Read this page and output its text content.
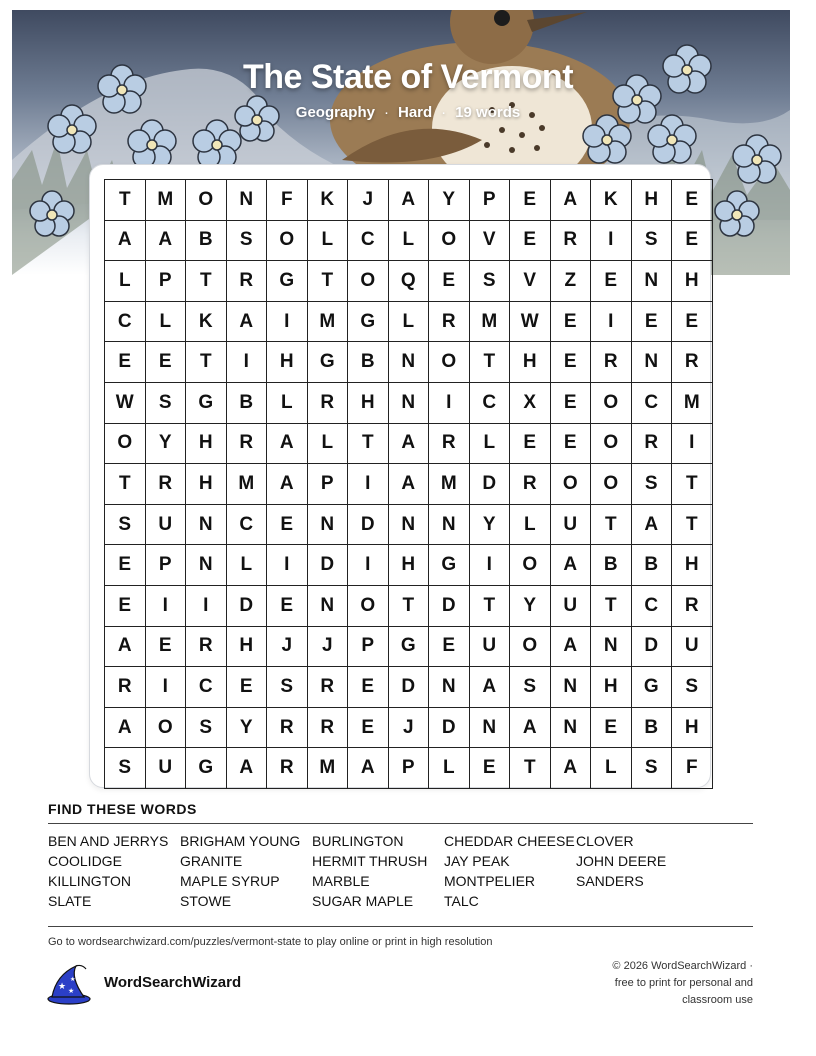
The State of Vermont
Geography · Hard · 19 words
T	M	O	N	F	K	J	A	Y	P	E	A	K	H	E
A	A	B	S	O	L	C	L	O	V	E	R	I	S	E
L	P	T	R	G	T	O	Q	E	S	V	Z	E	N	H
C	L	K	A	I	M	G	L	R	M	W	E	I	E	E
E	E	T	I	H	G	B	N	O	T	H	E	R	N	R
W	S	G	B	L	R	H	N	I	C	X	E	O	C	M
O	Y	H	R	A	L	T	A	R	L	E	E	O	R	I
T	R	H	M	A	P	I	A	M	D	R	O	O	S	T
S	U	N	C	E	N	D	N	N	Y	L	U	T	A	T
E	P	N	L	I	D	I	H	G	I	O	A	B	B	H
E	I	I	D	E	N	O	T	D	T	Y	U	T	C	R
A	E	R	H	J	J	P	G	E	U	O	A	N	D	U
R	I	C	E	S	R	E	D	N	A	S	N	H	G	S
A	O	S	Y	R	R	E	J	D	N	A	N	E	B	H
S	U	G	A	R	M	A	P	L	E	T	A	L	S	F
FIND THESE WORDS
BEN AND JERRYS
COOLIDGE
KILLINGTON
SLATE
BRIGHAM YOUNG
GRANITE
MAPLE SYRUP
STOWE
BURLINGTON
HERMIT THRUSH
MARBLE
SUGAR MAPLE
CHEDDAR CHEESE
JAY PEAK
MONTPELIER
TALC
CLOVER
JOHN DEERE
SANDERS
Go to wordsearchwizard.com/puzzles/vermont-state to play online or print in high resolution
★ ★
★ WordSearchWizard
© 2026 WordSearchWizard ·
free to print for personal and
classroom use
